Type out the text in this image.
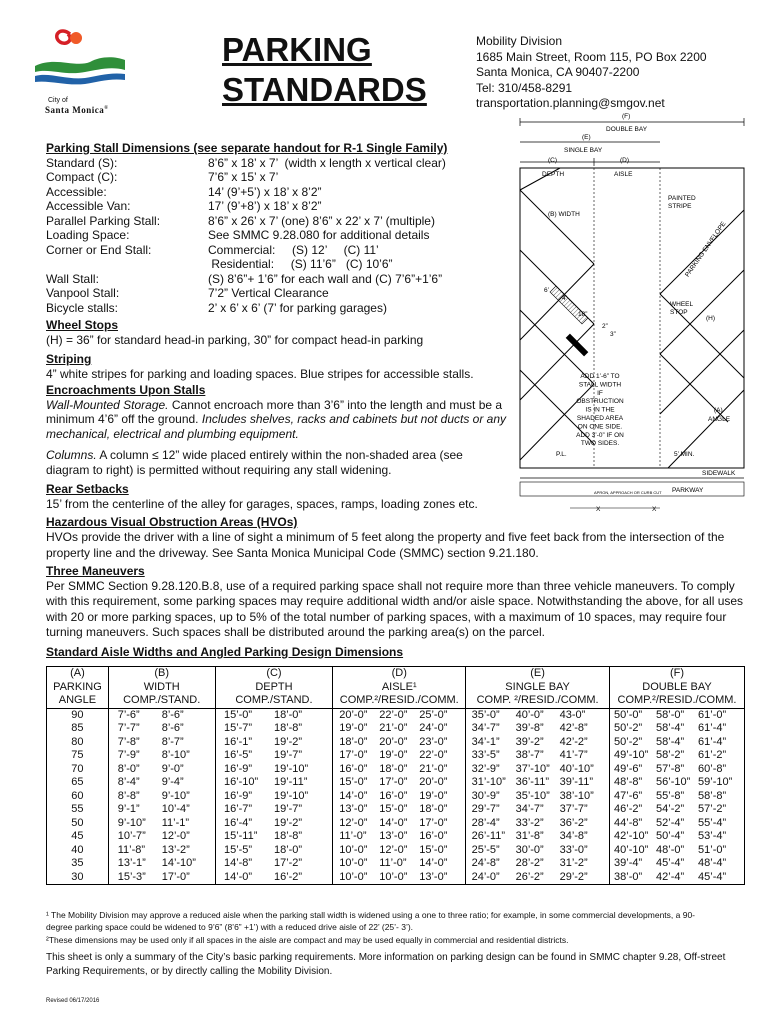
City of
Santa Monica®
PARKING
STANDARDS
Mobility Division
1685 Main Street, Room 115, PO Box 2200
Santa Monica, CA 90407-2200
Tel: 310/458-8291
transportation.planning@smgov.net
Parking Stall Dimensions (see separate handout for R-1 Single Family)
Standard (S):	8’6” x 18’ x 7’  (width x length x vertical clear)
Compact (C):	7’6” x 15’ x 7’
Accessible:	14’ (9’+5’) x 18’ x 8’2”
Accessible Van:	17’ (9’+8’) x 18’ x 8’2”
Parallel Parking Stall:	8’6” x 26’ x 7’ (one) 8’6” x 22’ x 7’ (multiple)
Loading Space:	See SMMC 9.28.080 for additional details
Corner or End Stall:	Commercial:     (S) 12’     (C) 11’
Residential:     (S) 11’6”   (C) 10’6”
Wall Stall:	(S) 8’6”+ 1’6” for each wall and (C) 7’6”+1’6”
Vanpool Stall:	7’2” Vertical Clearance
Bicycle stalls:	2’ x 6’ x 6’ (7’ for parking garages)
Wheel Stops
(H) = 36” for standard head-in parking, 30” for compact head-in parking
Striping
4” white stripes for parking and loading spaces. Blue stripes for accessible stalls.
Encroachments Upon Stalls
Wall-Mounted Storage. Cannot encroach more than 3’6” into the length and must be a minimum 4’6” off the ground. Includes shelves, racks and cabinets but not ducts or any mechanical, electrical and plumbing equipment.
Columns. A column ≤ 12” wide placed entirely within the non-shaded area (see diagram to right) is permitted without requiring any stall widening.
Rear Setbacks
15’ from the centerline of the alley for garages, spaces, ramps, loading zones etc.
Hazardous Visual Obstruction Areas (HVOs)
HVOs provide the driver with a line of sight a minimum of 5 feet along the property and five feet back from the intersection of the property line and the driveway. See Santa Monica Municipal Code (SMMC) section 9.21.180.
Three Maneuvers
Per SMMC Section 9.28.120.B.8, use of a required parking space shall not require more than three vehicle maneuvers. To comply with this requirement, some parking spaces may require additional width and/or aisle space. Notwithstanding the above, for all uses with 20 or more parking spaces, up to 5% of the total number of parking spaces, with a maximum of 10 spaces, may require four turning maneuvers. Such spaces shall be distributed around the parking area(s) on the parcel.
(F)
DOUBLE BAY
(E)
SINGLE BAY
(C)	(D)
DEPTH	AISLE
(B) WIDTH
PAINTED
STRIPE
PARKING ENVELOPE
WHEEL
STOP
(H)
6’
4’
18”
2”
3”
ADD 1’-6” TO STALL WIDTH IF OBSTRUCTION IS IN THE SHADED AREA ON ONE SIDE. ADD 3’-0” IF ON TWO SIDES.
(A)
ANGLE
P.L.	5’ MIN.
SIDEWALK
PARKWAY
APRON, APPROACH OR CURB CUT
X	X
Standard Aisle Widths and Angled Parking Design Dimensions
(A)	(B)	(C)	(D)	(E)	(F)
PARKING	WIDTH	DEPTH	AISLE¹	SINGLE BAY	DOUBLE BAY
ANGLE	COMP./STAND.	COMP./STAND.	COMP.²/RESID./COMM.	COMP. ²/RESID./COMM.	COMP.²/RESID./COMM.
90	7’-6” 8’-6”	15’-0” 18’-0”	20’-0” 22’-0” 25’-0”	35’-0” 40’-0” 43-0”	50’-0” 58’-0” 61’-0”
85	7’-7” 8’-6”	15’-7” 18’-8”	19’-0” 21’-0” 24’-0”	34’-7” 39’-8” 42’-8”	50’-2” 58’-4” 61’-4”
80	7’-8” 8’-7”	16’-1” 19’-2”	18’-0” 20’-0” 23’-0”	34’-1” 39’-2” 42’-2”	50’-2” 58’-4” 61’-4”
75	7’-9” 8’-10”	16’-5” 19’-7”	17’-0” 19’-0” 22’-0”	33’-5” 38’-7” 41’-7”	49’-10” 58’-2” 61’-2”
70	8’-0” 9’-0”	16’-9” 19’-10”	16’-0” 18’-0” 21’-0”	32’-9” 37’-10” 40’-10”	49’-6” 57’-8” 60’-8”
65	8’-4” 9’-4”	16’-10” 19’-11”	15’-0” 17’-0” 20’-0”	31’-10” 36’-11” 39’-11”	48’-8” 56’-10” 59’-10”
60	8’-8” 9’-10”	16’-9” 19’-10”	14’-0” 16’-0” 19’-0”	30’-9” 35’-10” 38’-10”	47’-6” 55’-8” 58’-8”
55	9’-1” 10’-4”	16’-7” 19’-7”	13’-0” 15’-0” 18’-0”	29’-7” 34’-7” 37’-7”	46’-2” 54’-2” 57’-2”
50	9’-10” 11’-1”	16’-4” 19’-2”	12’-0” 14’-0” 17’-0”	28’-4” 33’-2” 36’-2”	44’-8” 52’-4” 55’-4”
45	10’-7” 12’-0”	15’-11” 18’-8”	11’-0” 13’-0” 16’-0”	26’-11” 31’-8” 34’-8”	42’-10” 50’-4” 53’-4”
40	11’-8” 13’-2”	15’-5” 18’-0”	10’-0” 12’-0” 15’-0”	25’-5” 30’-0” 33’-0”	40’-10” 48’-0” 51’-0”
35	13’-1” 14’-10”	14’-8” 17’-2”	10’-0” 11’-0” 14’-0”	24’-8” 28’-2” 31’-2”	39’-4” 45’-4” 48’-4”
30	15’-3” 17’-0”	14’-0” 16’-2”	10’-0” 10’-0” 13’-0”	24’-0” 26’-2” 29’-2”	38’-0” 42’-4” 45’-4”
¹ The Mobility Division may approve a reduced aisle when the parking stall width is widened using a one to three ratio; for example, in some commercial developments, a 90-
degree parking space could be widened to 9’6” (8’6” +1’) with a reduced drive aisle of 22’ (25’- 3’).
²These dimensions may be used only if all spaces in the aisle are compact and may be used equally in commercial and residential districts.
This sheet is only a summary of the City’s basic parking requirements. More information on parking design can be found in SMMC chapter 9.28, Off-street Parking Requirements, or by directly calling the Mobility Division.
Revised 06/17/2016
